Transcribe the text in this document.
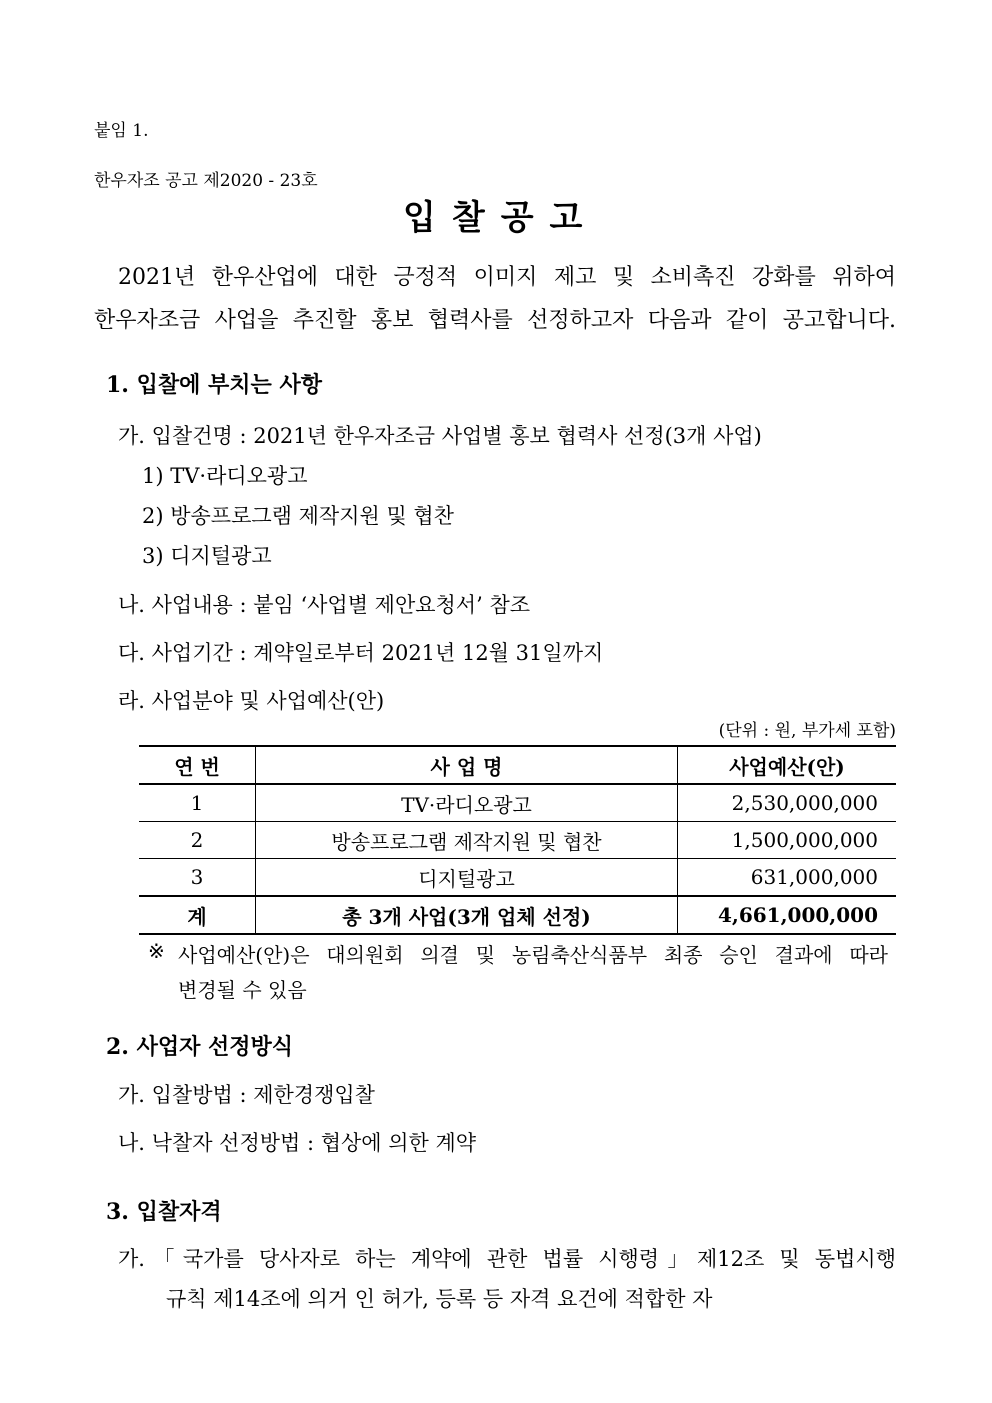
붙임 1.
한우자조 공고 제2020 - 23호
입찰공고
2021년 한우산업에 대한 긍정적 이미지 제고 및 소비촉진 강화를 위하여
한우자조금 사업을 추진할 홍보 협력사를 선정하고자 다음과 같이 공고합니다.
1. 입찰에 부치는 사항
가. 입찰건명 : 2021년 한우자조금 사업별 홍보 협력사 선정(3개 사업)
1) TV·라디오광고
2) 방송프로그램 제작지원 및 협찬
3) 디지털광고
나. 사업내용 : 붙임 ‘사업별 제안요청서’ 참조
다. 사업기간 : 계약일로부터 2021년 12월 31일까지
라. 사업분야 및 사업예산(안)
(단위 : 원, 부가세 포함)
연 번	사 업 명	사업예산(안)
1	TV·라디오광고	2,530,000,000
2	방송프로그램 제작지원 및 협찬	1,500,000,000
3	디지털광고	631,000,000
계	총 3개 사업(3개 업체 선정)	4,661,000,000
※ 사업예산(안)은 대의원회 의결 및 농림축산식품부 최종 승인 결과에 따라
변경될 수 있음
2. 사업자 선정방식
가. 입찰방법 : 제한경쟁입찰
나. 낙찰자 선정방법 : 협상에 의한 계약
3. 입찰자격
가.「국가를 당사자로 하는 계약에 관한 법률 시행령」제12조 및 동법시행
규칙 제14조에 의거 인 허가, 등록 등 자격 요건에 적합한 자
